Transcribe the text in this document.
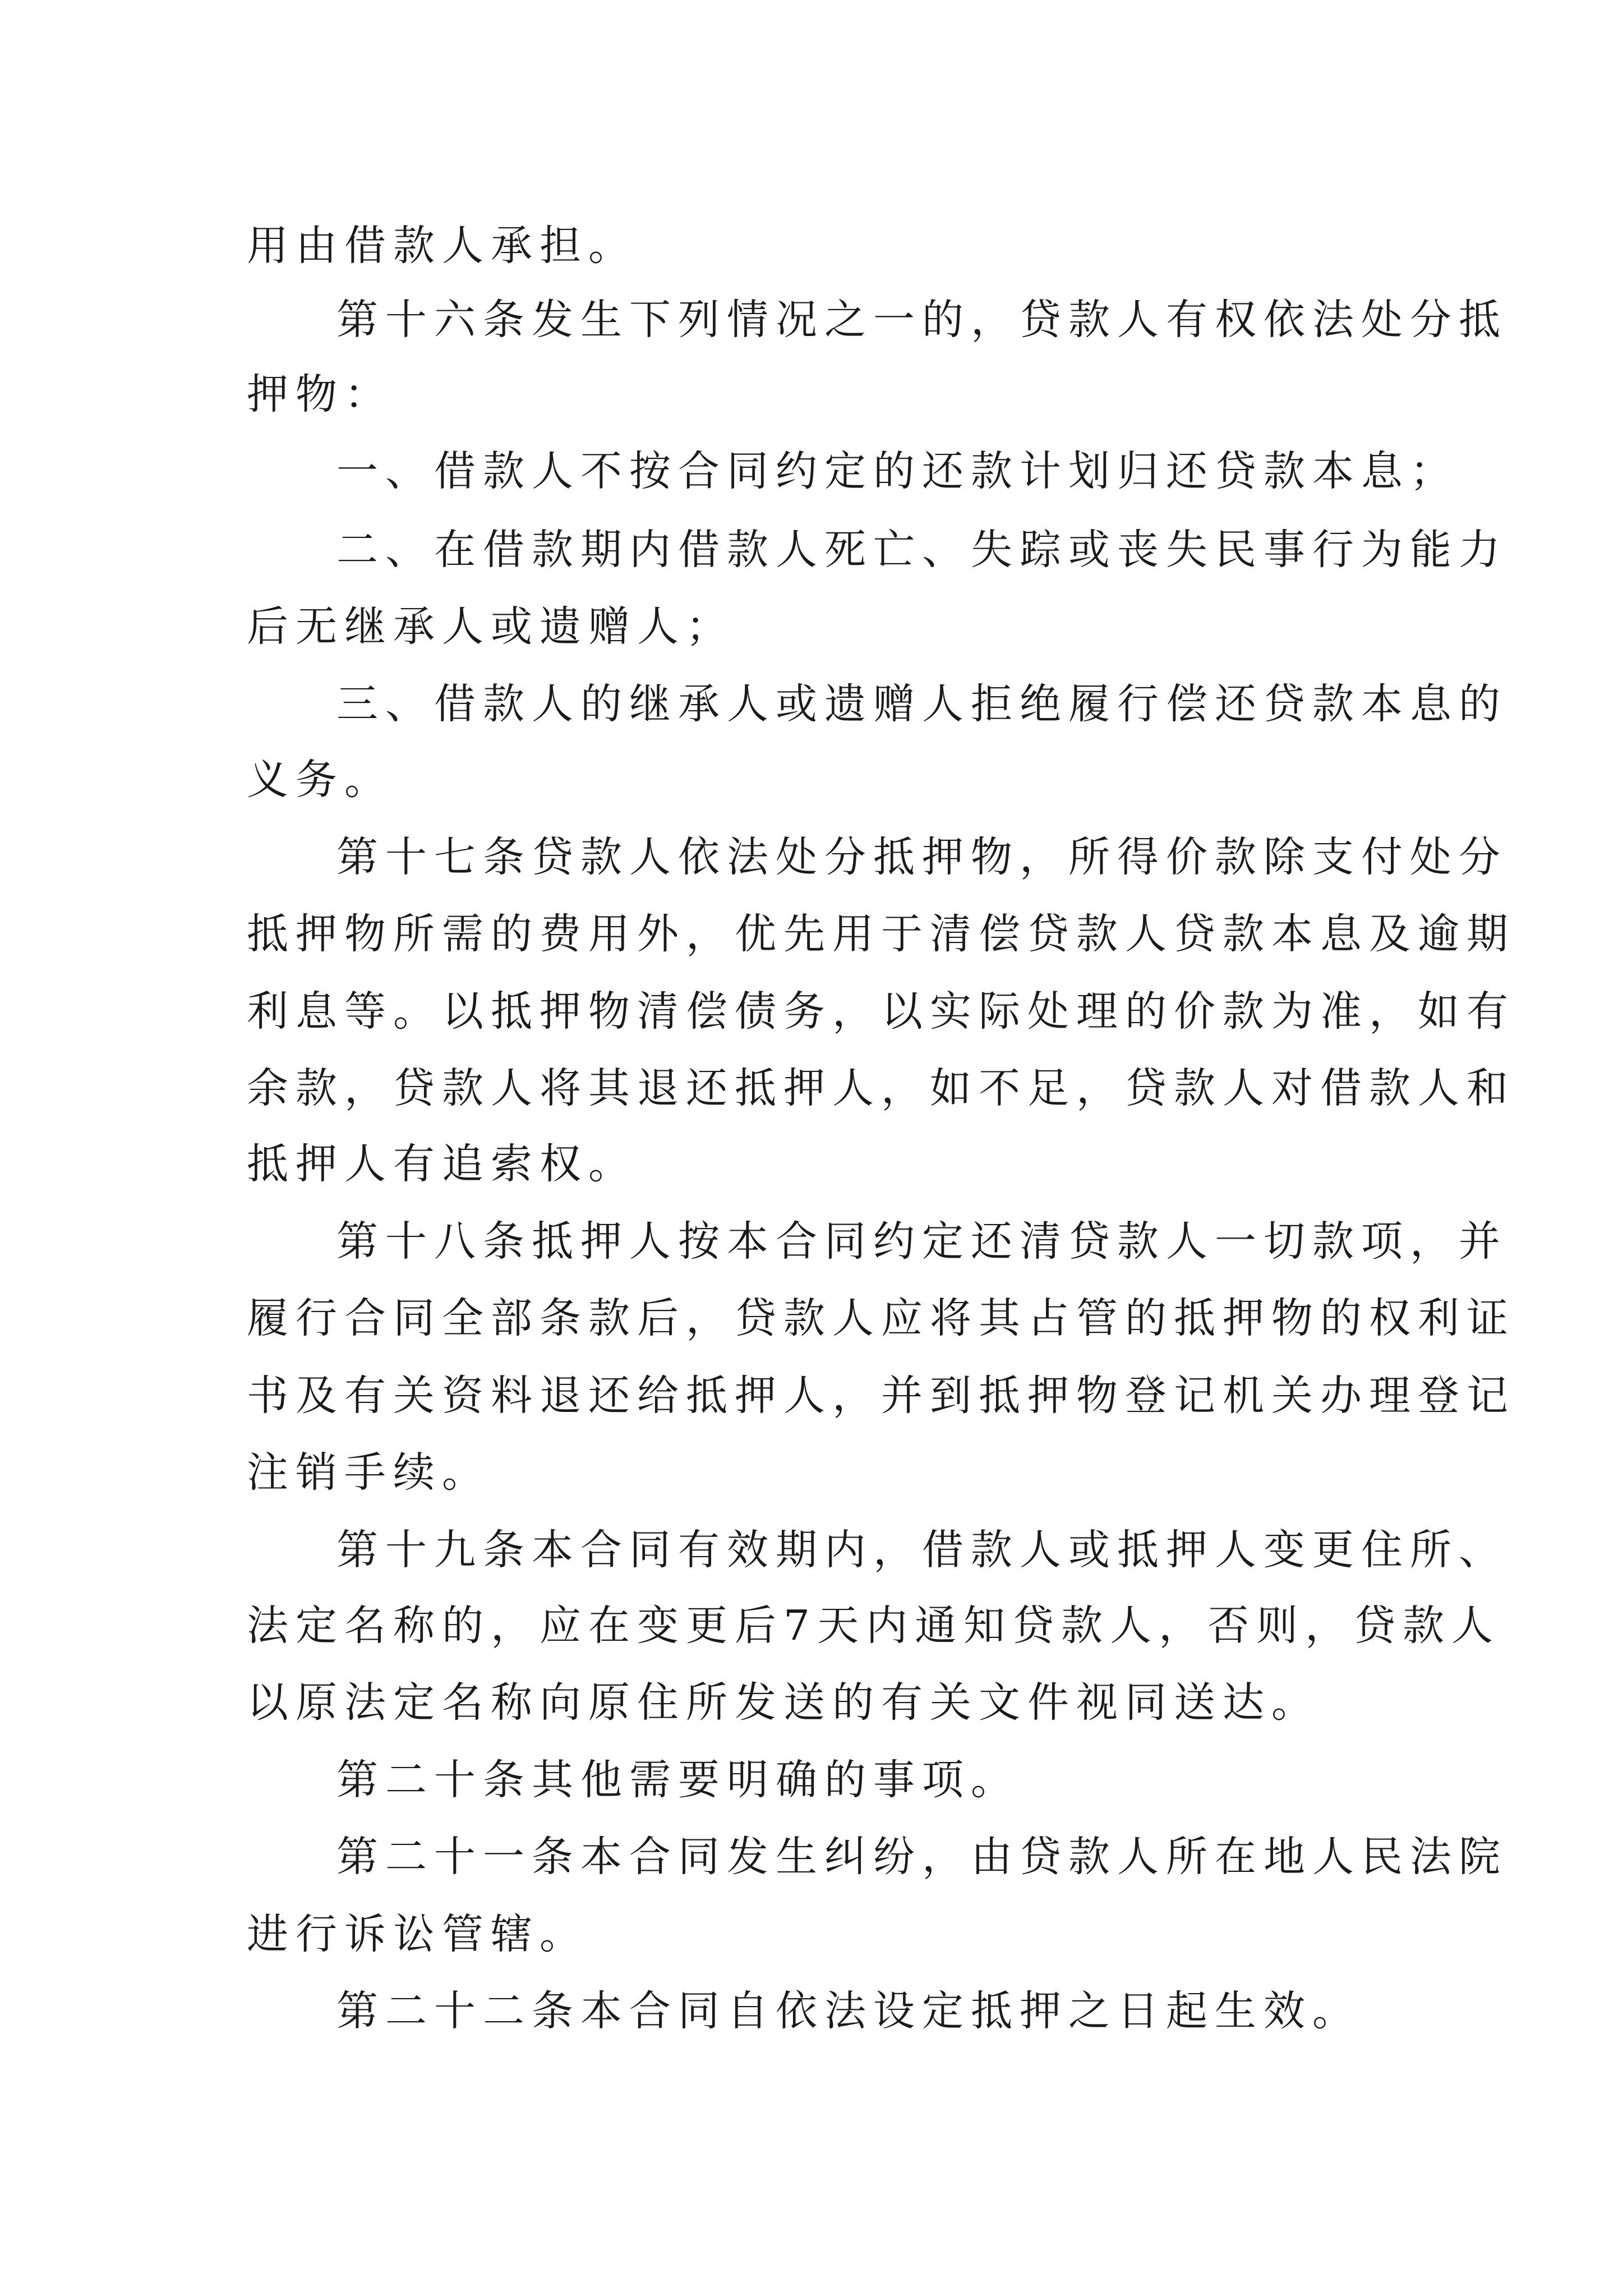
用由借款人承担。
第十六条发生下列情况之一的，贷款人有权依法处分抵
押物：
一、借款人不按合同约定的还款计划归还贷款本息；
二、在借款期内借款人死亡、失踪或丧失民事行为能力
后无继承人或遗赠人；
三、借款人的继承人或遗赠人拒绝履行偿还贷款本息的
义务。
第十七条贷款人依法处分抵押物，所得价款除支付处分
抵押物所需的费用外，优先用于清偿贷款人贷款本息及逾期
利息等。以抵押物清偿债务，以实际处理的价款为准，如有
余款，贷款人将其退还抵押人，如不足，贷款人对借款人和
抵押人有追索权。
第十八条抵押人按本合同约定还清贷款人一切款项，并
履行合同全部条款后，贷款人应将其占管的抵押物的权利证
书及有关资料退还给抵押人，并到抵押物登记机关办理登记
注销手续。
第十九条本合同有效期内，借款人或抵押人变更住所、
法定名称的，应在变更后7天内通知贷款人，否则，贷款人
以原法定名称向原住所发送的有关文件视同送达。
第二十条其他需要明确的事项。
第二十一条本合同发生纠纷，由贷款人所在地人民法院
进行诉讼管辖。
第二十二条本合同自依法设定抵押之日起生效。
